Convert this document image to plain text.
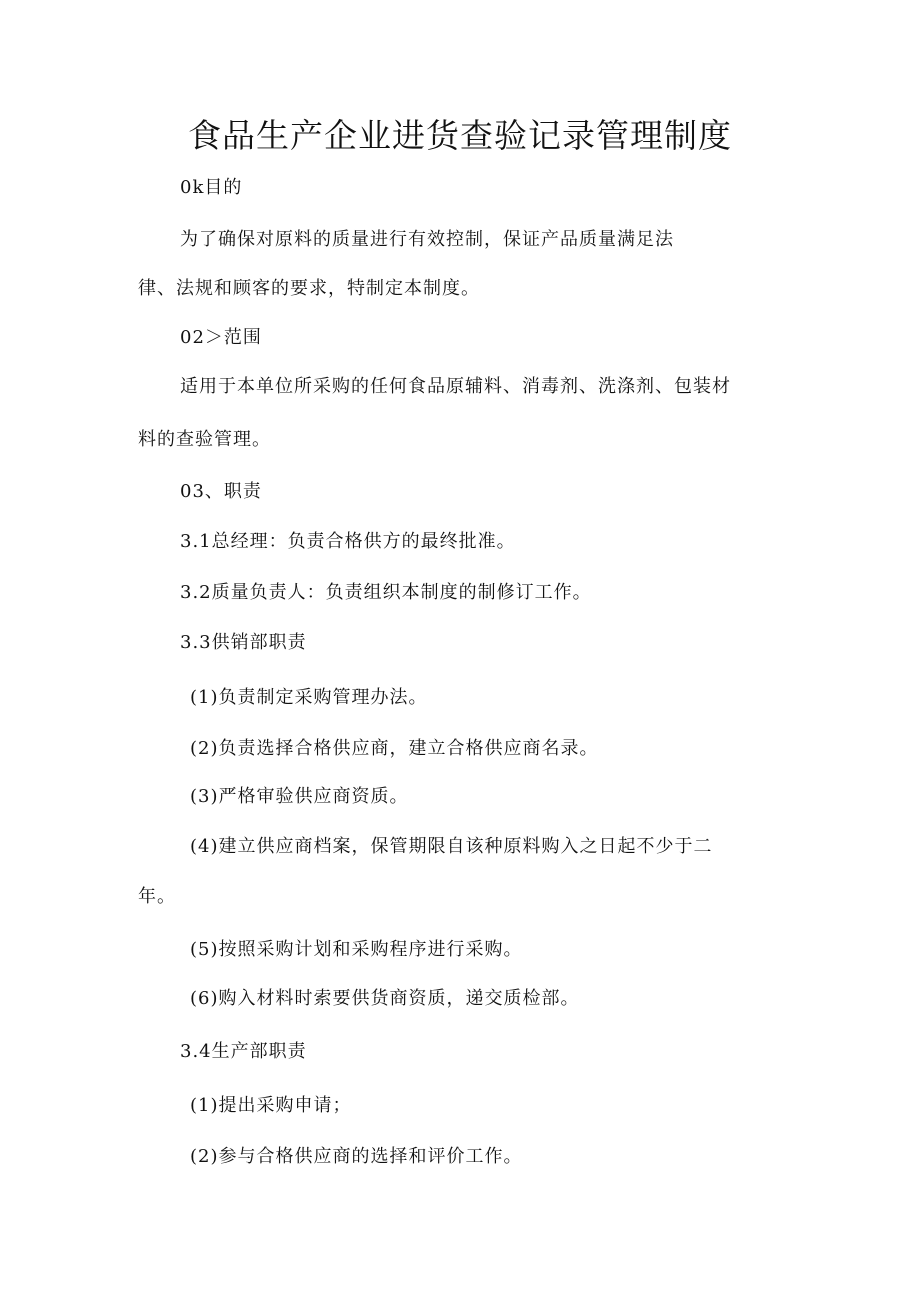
食品生产企业进货查验记录管理制度

0k目的

为了确保对原料的质量进行有效控制，保证产品质量满足法

律、法规和顾客的要求，特制定本制度。

02＞范围

适用于本单位所采购的任何食品原辅料、消毒剂、洗涤剂、包装材

料的查验管理。

03、职责

3.1总经理：负责合格供方的最终批准。

3.2质量负责人：负责组织本制度的制修订工作。

3.3供销部职责

(1)负责制定采购管理办法。

(2)负责选择合格供应商，建立合格供应商名录。

(3)严格审验供应商资质。

(4)建立供应商档案，保管期限自该种原料购入之日起不少于二

年。

(5)按照采购计划和采购程序进行采购。

(6)购入材料时索要供货商资质，递交质检部。

3.4生产部职责

(1)提出采购申请；

(2)参与合格供应商的选择和评价工作。
